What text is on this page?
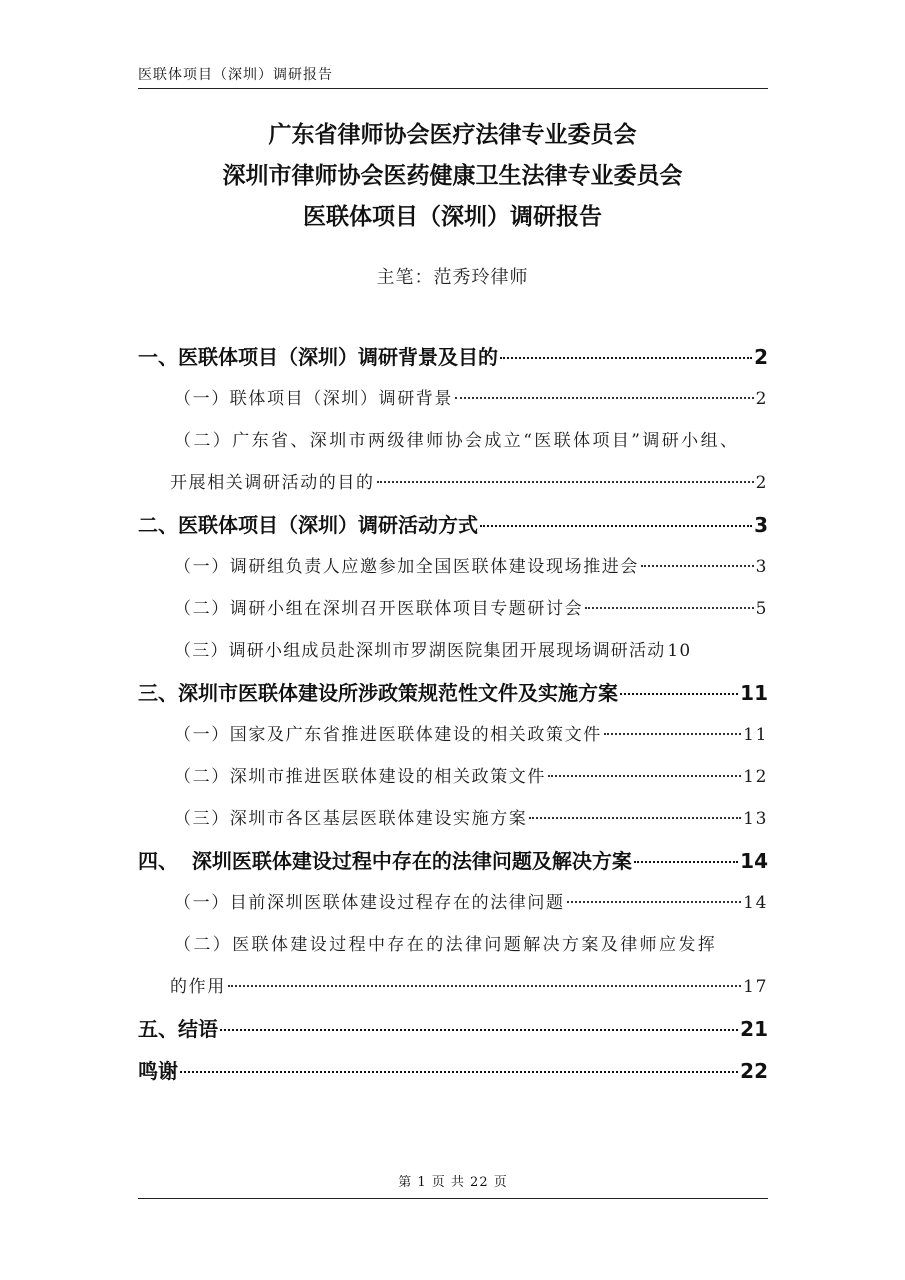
医联体项目（深圳）调研报告
广东省律师协会医疗法律专业委员会
深圳市律师协会医药健康卫生法律专业委员会
医联体项目（深圳）调研报告
主笔：范秀玲律师
一、医联体项目（深圳）调研背景及目的	2
（一）联体项目（深圳）调研背景	2
（二）广东省、深圳市两级律师协会成立“医联体项目”调研小组、
开展相关调研活动的目的	2
二、医联体项目（深圳）调研活动方式	3
（一）调研组负责人应邀参加全国医联体建设现场推进会	3
（二）调研小组在深圳召开医联体项目专题研讨会	5
（三）调研小组成员赴深圳市罗湖医院集团开展现场调研活动 10
三、深圳市医联体建设所涉政策规范性文件及实施方案	11
（一）国家及广东省推进医联体建设的相关政策文件	11
（二）深圳市推进医联体建设的相关政策文件	12
（三）深圳市各区基层医联体建设实施方案	13
四、  深圳医联体建设过程中存在的法律问题及解决方案	14
（一）目前深圳医联体建设过程存在的法律问题	14
（二）医联体建设过程中存在的法律问题解决方案及律师应发挥
的作用	17
五、结语	21
鸣谢	22
第 1 页 共 22 页
